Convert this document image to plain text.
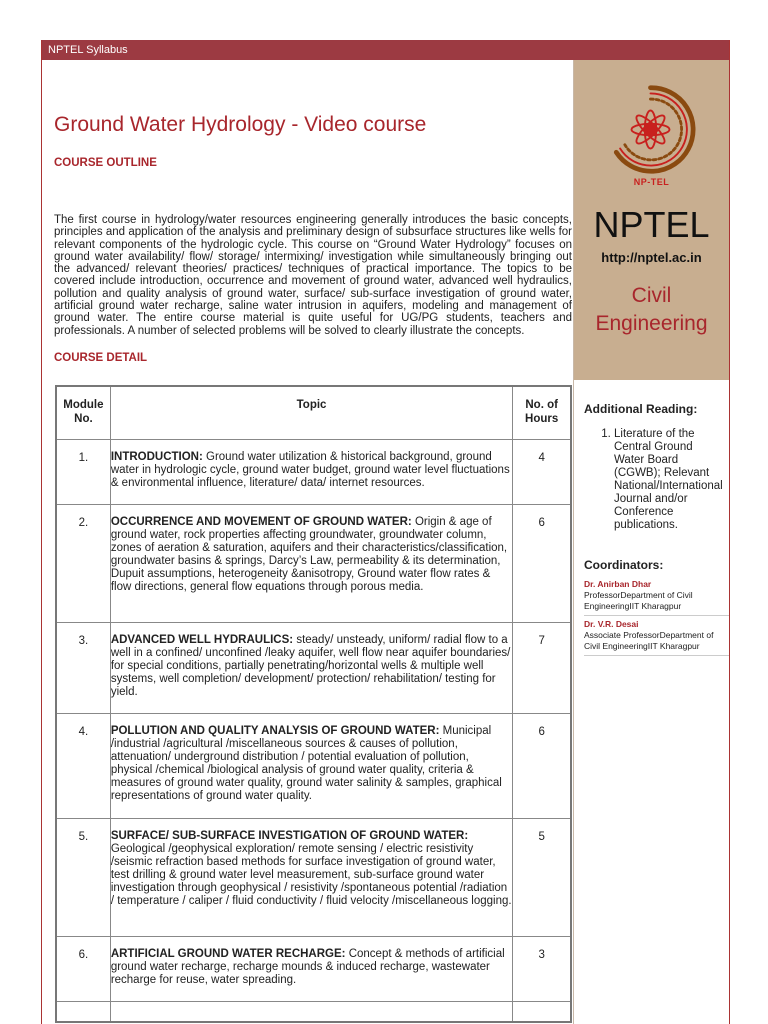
NPTEL Syllabus
Ground Water Hydrology - Video course
COURSE OUTLINE

The first course in hydrology/water resources engineering generally introduces the basic concepts, principles and application of the analysis and preliminary design of subsurface structures like wells for relevant components of the hydrologic cycle. This course on “Ground Water Hydrology” focuses on ground water availability/ flow/ storage/ intermixing/ investigation while simultaneously bringing out the advanced/ relevant theories/ practices/ techniques of practical importance. The topics to be covered include introduction, occurrence and movement of ground water, advanced well hydraulics, pollution and quality analysis of ground water, surface/ sub-surface investigation of ground water, artificial ground water recharge, saline water intrusion in aquifers, modeling and management of ground water. The entire course material is quite useful for UG/PG students, teachers and professionals. A number of selected problems will be solved to clearly illustrate the concepts.

COURSE DETAIL
Module No.	Topic	No. of Hours

1.	INTRODUCTION: Ground water utilization & historical background, ground water in hydrologic cycle, ground water budget, ground water level fluctuations & environmental influence, literature/ data/ internet resources.	4

2.	OCCURRENCE AND MOVEMENT OF GROUND WATER: Origin & age of ground water, rock properties affecting groundwater, groundwater column, zones of aeration & saturation, aquifers and their characteristics/classification, groundwater basins & springs, Darcy’s Law, permeability & its determination, Dupuit assumptions, heterogeneity &anisotropy, Ground water flow rates & flow directions, general flow equations through porous media.	6

3.	ADVANCED WELL HYDRAULICS: steady/ unsteady, uniform/ radial flow to a well in a confined/ unconfined /leaky aquifer, well flow near aquifer boundaries/ for special conditions, partially penetrating/horizontal wells & multiple well systems, well completion/ development/ protection/ rehabilitation/ testing for yield.	7

4.	POLLUTION AND QUALITY ANALYSIS OF GROUND WATER: Municipal /industrial /agricultural /miscellaneous sources & causes of pollution, attenuation/ underground distribution / potential evaluation of pollution, physical /chemical /biological analysis of ground water quality, criteria & measures of ground water quality, ground water salinity & samples, graphical representations of ground water quality.	6

5.	SURFACE/ SUB-SURFACE INVESTIGATION OF GROUND WATER: Geological /geophysical exploration/ remote sensing / electric resistivity /seismic refraction based methods for surface investigation of ground water, test drilling & ground water level measurement, sub-surface ground water investigation through geophysical / resistivity /spontaneous potential /radiation / temperature / caliper / fluid conductivity / fluid velocity /miscellaneous logging.	5

6.	ARTIFICIAL GROUND WATER RECHARGE: Concept & methods of artificial ground water recharge, recharge mounds & induced recharge, wastewater recharge for reuse, water spreading.	3

NP-TEL
NPTEL
http://nptel.ac.in
Civil Engineering
Additional Reading:
1. Literature of the Central Ground Water Board (CGWB); Relevant National/International Journal and/or Conference publications.
Coordinators:
Dr. Anirban Dhar
ProfessorDepartment of Civil EngineeringIIT Kharagpur
Dr. V.R. Desai
Associate ProfessorDepartment of Civil EngineeringIIT Kharagpur
